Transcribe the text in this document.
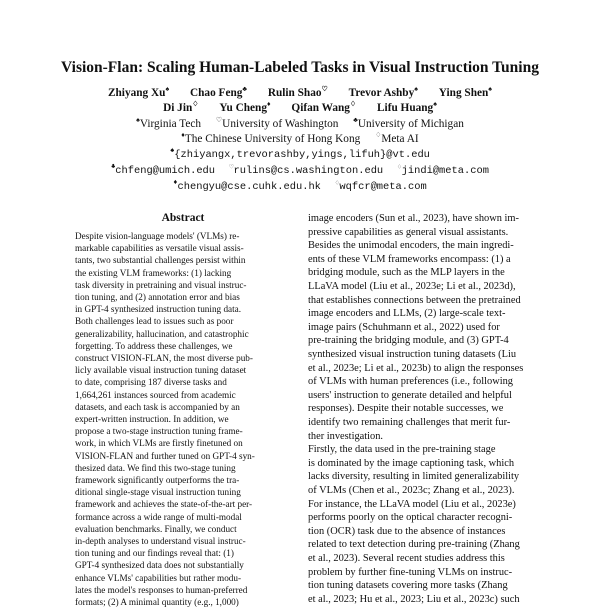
Vision-Flan: Scaling Human-Labeled Tasks in Visual Instruction Tuning
Zhiyang Xu♠ Chao Feng♣ Rulin Shao♡ Trevor Ashby♠ Ying Shen♠
Di Jin♢ Yu Cheng♦ Qifan Wang♢ Lifu Huang♠
♠Virginia Tech ♡University of Washington ♣University of Michigan
♦The Chinese University of Hong Kong ♢Meta AI
♠{zhiyangx,trevorashby,yings,lifuh}@vt.edu
♣chfeng@umich.edu ♡rulins@cs.washington.edu ♢jindi@meta.com
♦chengyu@cse.cuhk.edu.hk ♢wqfcr@meta.com
Abstract
Despite vision-language models' (VLMs) re-
markable capabilities as versatile visual assis-
tants, two substantial challenges persist within
the existing VLM frameworks: (1) lacking
task diversity in pretraining and visual instruc-
tion tuning, and (2) annotation error and bias
in GPT-4 synthesized instruction tuning data.
Both challenges lead to issues such as poor
generalizability, hallucination, and catastrophic
forgetting. To address these challenges, we
construct VISION-FLAN, the most diverse pub-
licly available visual instruction tuning dataset
to date, comprising 187 diverse tasks and
1,664,261 instances sourced from academic
datasets, and each task is accompanied by an
expert-written instruction. In addition, we
propose a two-stage instruction tuning frame-
work, in which VLMs are firstly finetuned on
VISION-FLAN and further tuned on GPT-4 syn-
thesized data. We find this two-stage tuning
framework significantly outperforms the tra-
ditional single-stage visual instruction tuning
framework and achieves the state-of-the-art per-
formance across a wide range of multi-modal
evaluation benchmarks. Finally, we conduct
in-depth analyses to understand visual instruc-
tion tuning and our findings reveal that: (1)
GPT-4 synthesized data does not substantially
enhance VLMs' capabilities but rather modu-
lates the model's responses to human-preferred
formats; (2) A minimal quantity (e.g., 1,000)
image encoders (Sun et al., 2023), have shown im-
pressive capabilities as general visual assistants.
Besides the unimodal encoders, the main ingredi-
ents of these VLM frameworks encompass: (1) a
bridging module, such as the MLP layers in the
LLaVA model (Liu et al., 2023e; Li et al., 2023d),
that establishes connections between the pretrained
image encoders and LLMs, (2) large-scale text-
image pairs (Schuhmann et al., 2022) used for
pre-training the bridging module, and (3) GPT-4
synthesized visual instruction tuning datasets (Liu
et al., 2023e; Li et al., 2023b) to align the responses
of VLMs with human preferences (i.e., following
users' instruction to generate detailed and helpful
responses). Despite their notable successes, we
identify two remaining challenges that merit fur-
ther investigation.
Firstly, the data used in the pre-training stage
is dominated by the image captioning task, which
lacks diversity, resulting in limited generalizability
of VLMs (Chen et al., 2023c; Zhang et al., 2023).
For instance, the LLaVA model (Liu et al., 2023e)
performs poorly on the optical character recogni-
tion (OCR) task due to the absence of instances
related to text detection during pre-training (Zhang
et al., 2023). Several recent studies address this
problem by further fine-tuning VLMs on instruc-
tion tuning datasets covering more tasks (Zhang
et al., 2023; Hu et al., 2023; Liu et al., 2023c) such
